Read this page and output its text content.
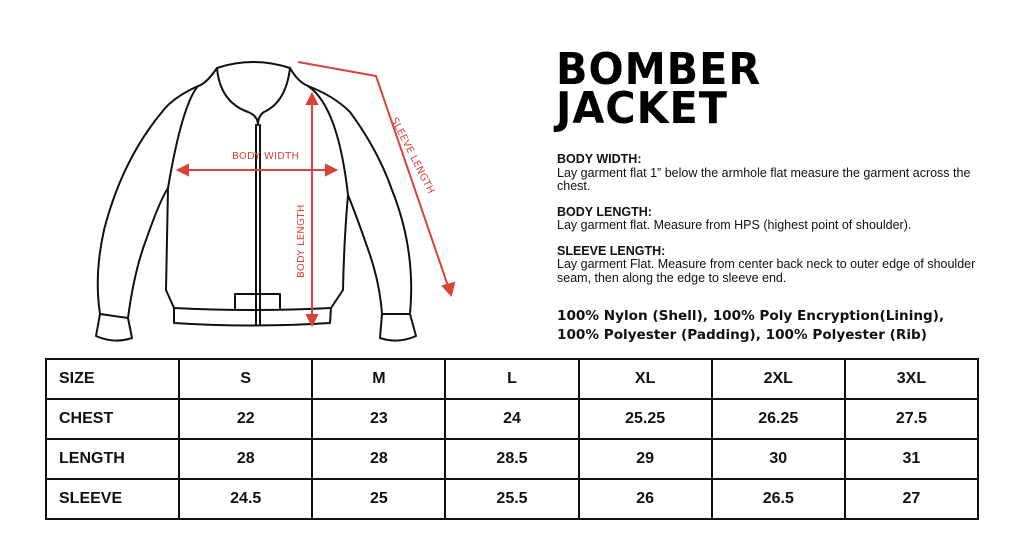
BODY WIDTH
BODY LENGTH
SLEEVE LENGTH
BOMBER
JACKET
BODY WIDTH:
Lay garment flat 1” below the armhole flat measure the garment across the chest.
BODY LENGTH:
Lay garment flat. Measure from HPS (highest point of shoulder).
SLEEVE LENGTH:
Lay garment Flat. Measure from center back neck to outer edge of shoulder seam, then along the edge to sleeve end.
100% Nylon (Shell), 100% Poly Encryption(Lining),
100% Polyester (Padding), 100% Polyester (Rib)
SIZE	S	M	L	XL	2XL	3XL
CHEST	22	23	24	25.25	26.25	27.5
LENGTH	28	28	28.5	29	30	31
SLEEVE	24.5	25	25.5	26	26.5	27
